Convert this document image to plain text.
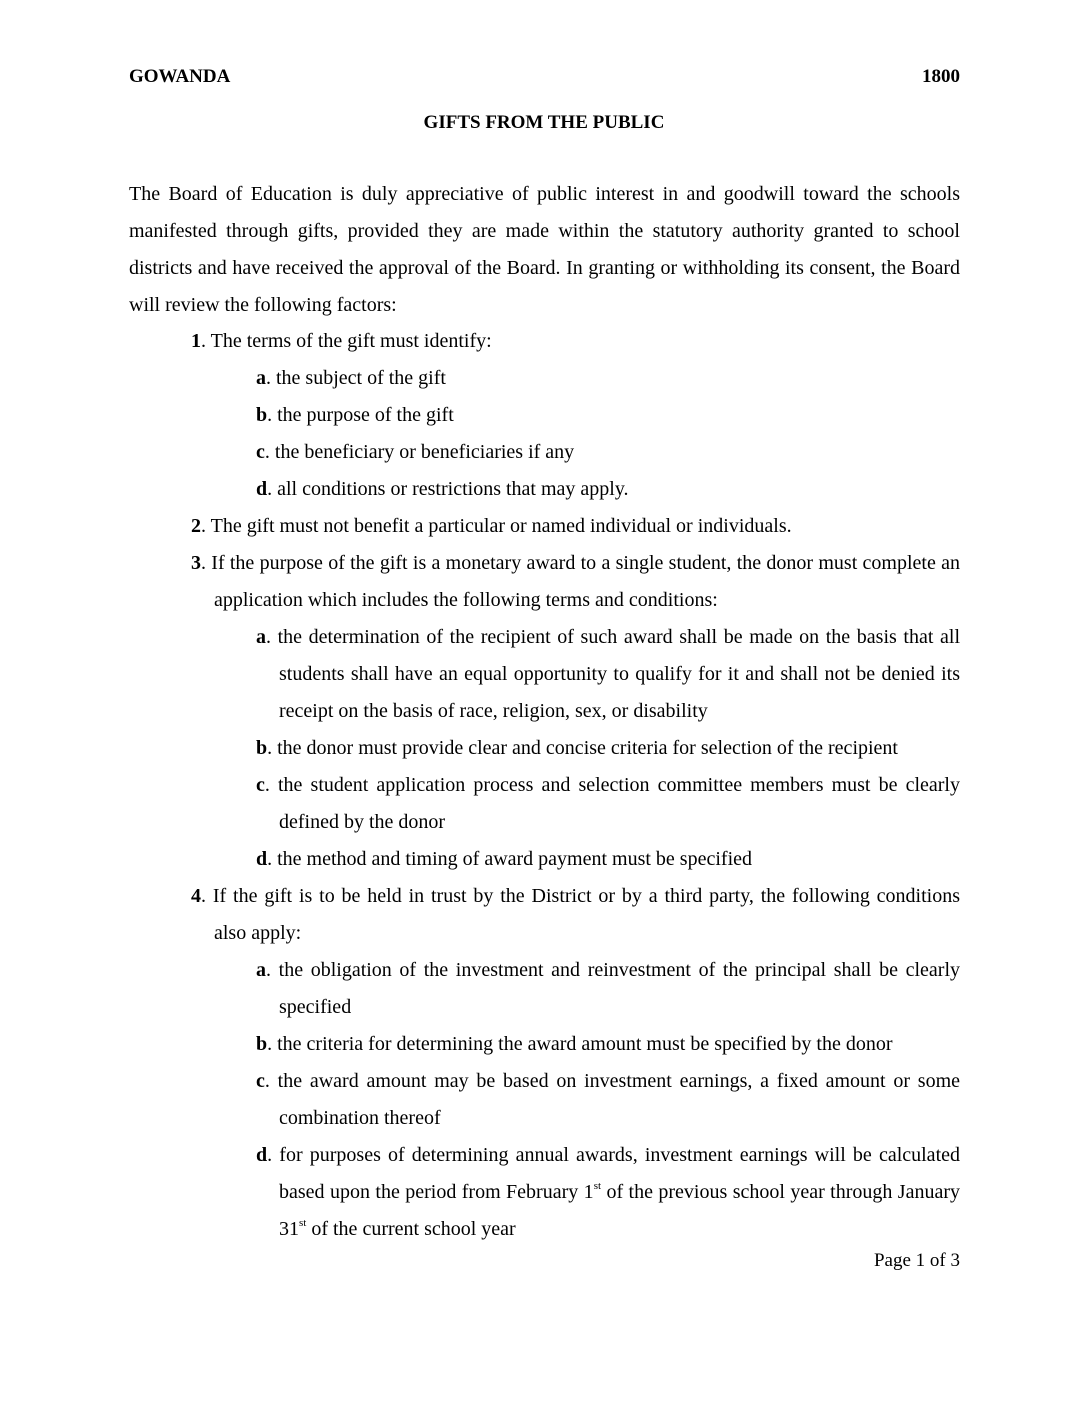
GOWANDA	1800
GIFTS FROM THE PUBLIC

The Board of Education is duly appreciative of public interest in and goodwill toward the schools manifested through gifts, provided they are made within the statutory authority granted to school districts and have received the approval of the Board. In granting or withholding its consent, the Board will review the following factors:

1. The terms of the gift must identify:

a. the subject of the gift

b. the purpose of the gift

c. the beneficiary or beneficiaries if any

d. all conditions or restrictions that may apply.

2. The gift must not benefit a particular or named individual or individuals.

3. If the purpose of the gift is a monetary award to a single student, the donor must complete an application which includes the following terms and conditions:

a. the determination of the recipient of such award shall be made on the basis that all students shall have an equal opportunity to qualify for it and shall not be denied its receipt on the basis of race, religion, sex, or disability

b. the donor must provide clear and concise criteria for selection of the recipient

c. the student application process and selection committee members must be clearly defined by the donor

d. the method and timing of award payment must be specified

4. If the gift is to be held in trust by the District or by a third party, the following conditions also apply:

a. the obligation of the investment and reinvestment of the principal shall be clearly specified

b. the criteria for determining the award amount must be specified by the donor

c. the award amount may be based on investment earnings, a fixed amount or some combination thereof

d. for purposes of determining annual awards, investment earnings will be calculated based upon the period from February 1st of the previous school year through January 31st of the current school year

Page 1 of 3
